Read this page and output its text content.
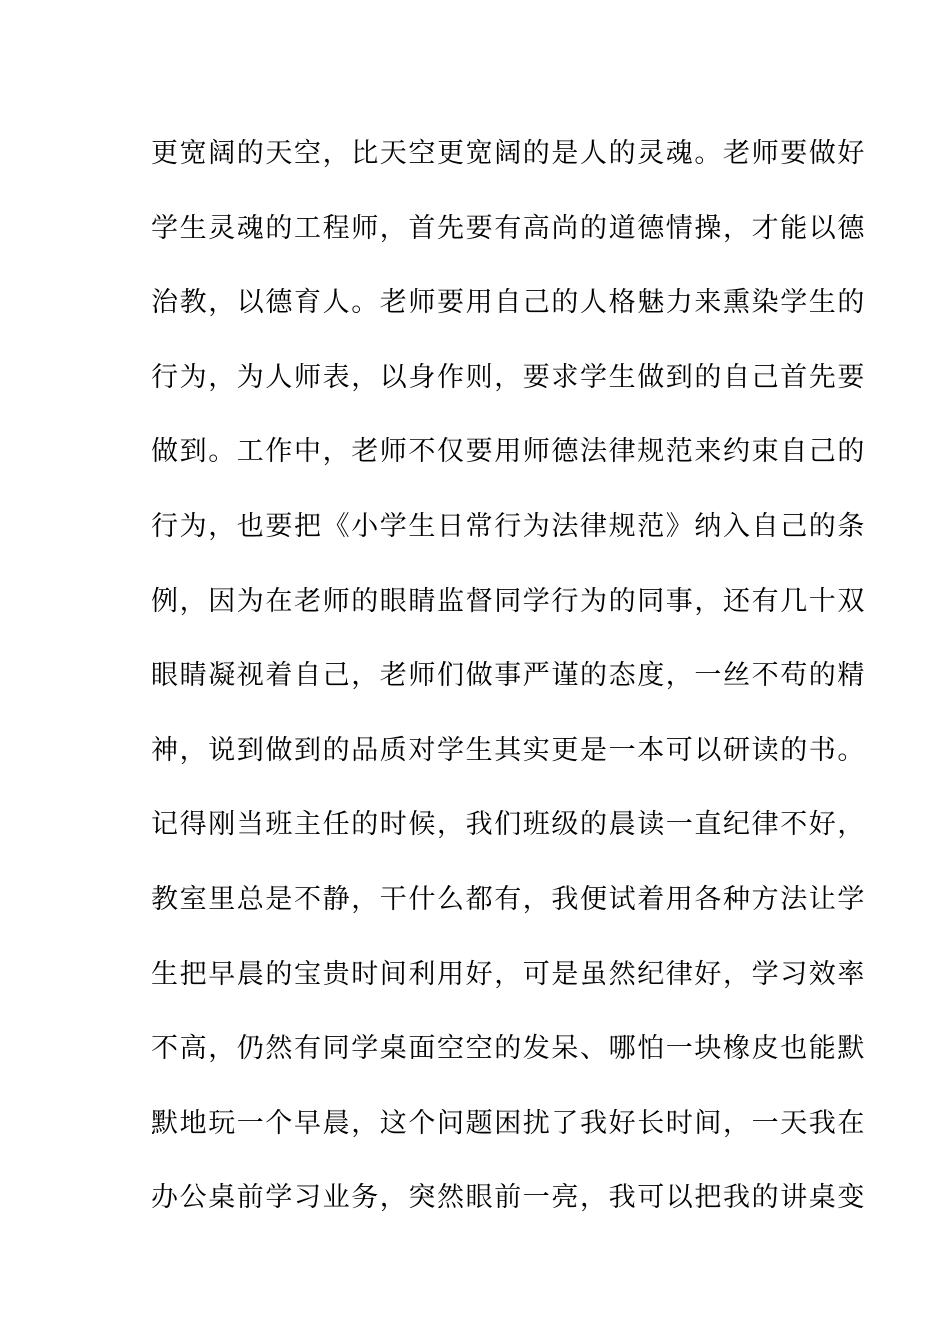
更宽阔的天空，比天空更宽阔的是人的灵魂。老师要做好
学生灵魂的工程师，首先要有高尚的道德情操，才能以德
治教，以德育人。老师要用自己的人格魅力来熏染学生的
行为，为人师表，以身作则，要求学生做到的自己首先要
做到。工作中，老师不仅要用师德法律规范来约束自己的
行为，也要把《小学生日常行为法律规范》纳入自己的条
例，因为在老师的眼睛监督同学行为的同事，还有几十双
眼睛凝视着自己，老师们做事严谨的态度，一丝不苟的精
神，说到做到的品质对学生其实更是一本可以研读的书。
记得刚当班主任的时候，我们班级的晨读一直纪律不好，
教室里总是不静，干什么都有，我便试着用各种方法让学
生把早晨的宝贵时间利用好，可是虽然纪律好，学习效率
不高，仍然有同学桌面空空的发呆、哪怕一块橡皮也能默
默地玩一个早晨，这个问题困扰了我好长时间，一天我在
办公桌前学习业务，突然眼前一亮，我可以把我的讲桌变
